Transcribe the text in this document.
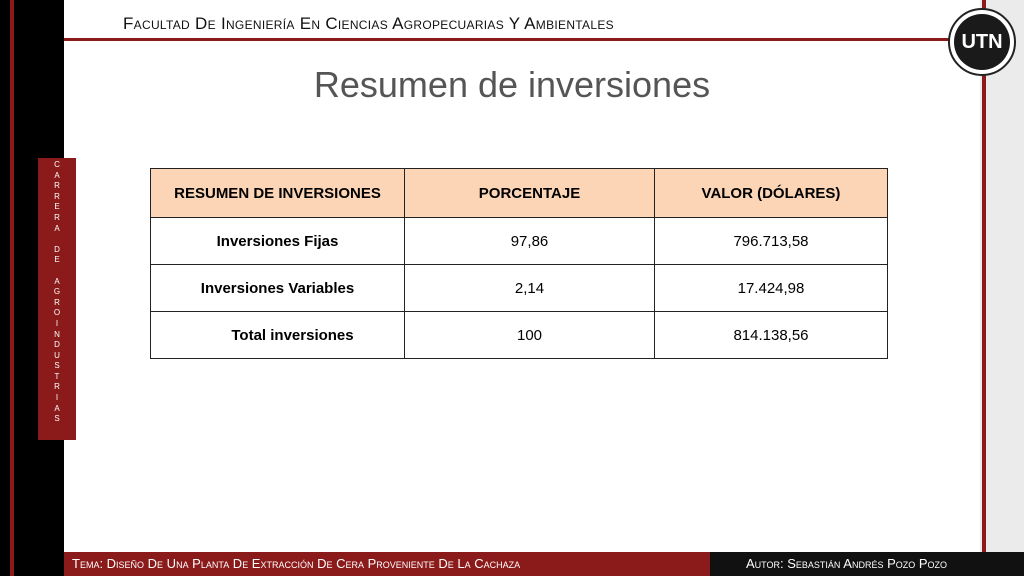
Facultad De Ingeniería En Ciencias Agropecuarias Y Ambientales
UTN
Resumen de inversiones
C
A
R
R
E
R
A
D
E
A
G
R
O
I
N
D
U
S
T
R
I
A
S
RESUMEN DE INVERSIONES	PORCENTAJE	VALOR (DÓLARES)
Inversiones Fijas	97,86	796.713,58
Inversiones Variables	2,14	17.424,98
Total inversiones	100	814.138,56
Tema: Diseño De Una Planta De Extracción De Cera Proveniente De La Cachaza	Autor: Sebastián Andrés Pozo Pozo
